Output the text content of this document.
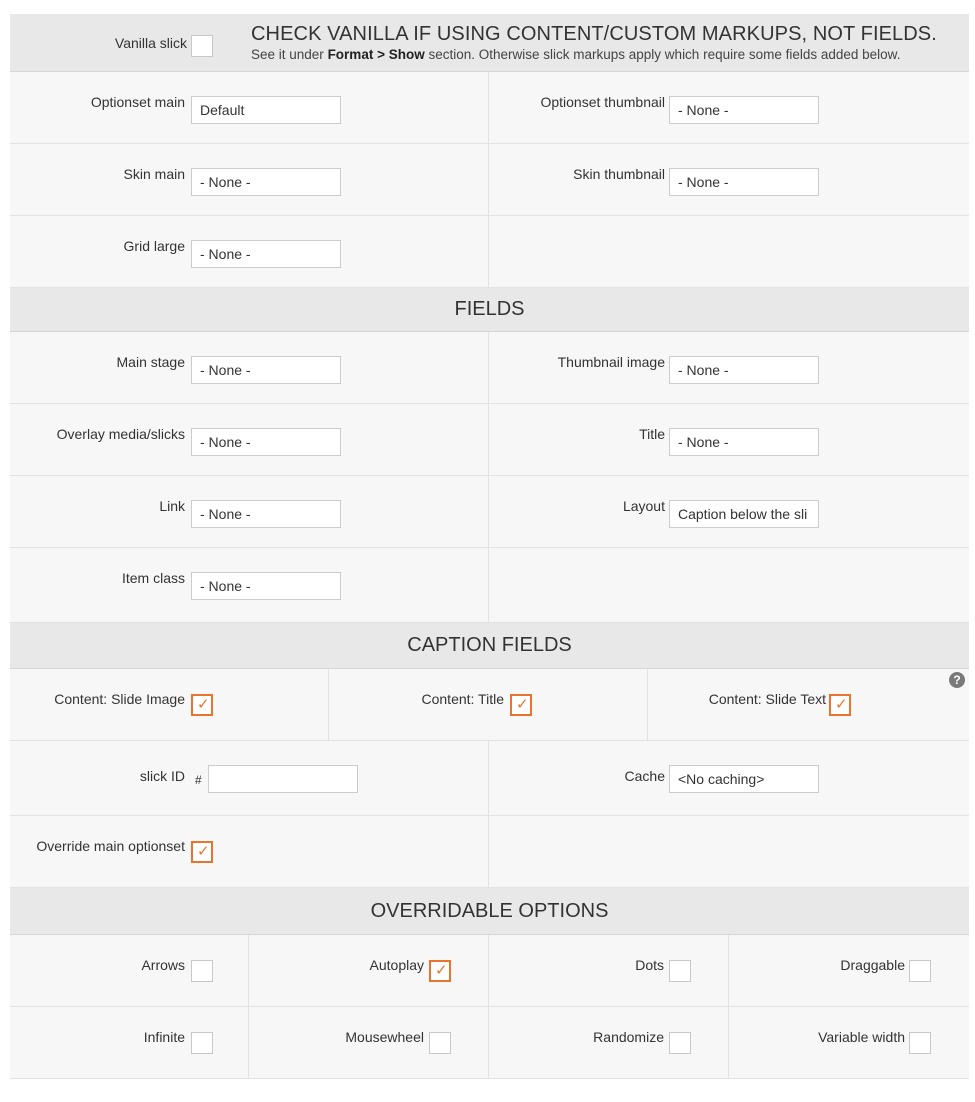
Vanilla slick	CHECK VANILLA IF USING CONTENT/CUSTOM MARKUPS, NOT FIELDS.
See it under Format > Show section. Otherwise slick markups apply which require some fields added below.
Optionset main	Default	Optionset thumbnail - None -
Skin main	- None -	Skin thumbnail - None -
Grid large	- None -
FIELDS
Main stage	- None -	Thumbnail image - None -
Overlay media/slicks	- None -	Title - None -
Link	- None -	Layout Caption below the sli
Item class	- None -
CAPTION FIELDS
Content: Slide Image ✓	Content: Title ✓	Content: Slide Text ✓
?
slick ID #	Cache <No caching>
Override main optionset ✓
OVERRIDABLE OPTIONS
Arrows	Autoplay ✓	Dots	Draggable
Infinite	Mousewheel	Randomize	Variable width
